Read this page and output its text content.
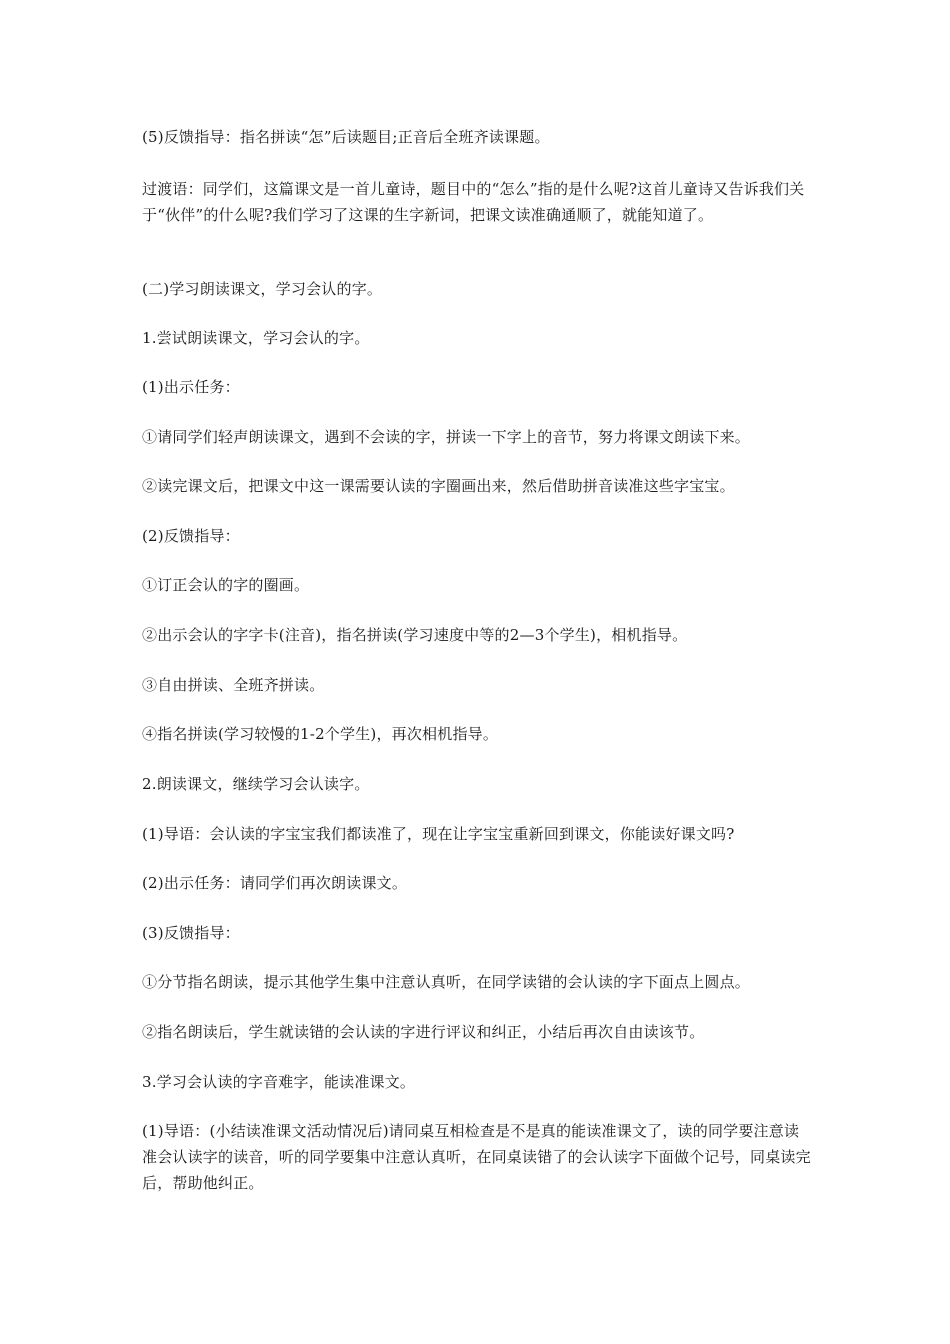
(5)反馈指导：指名拼读“怎”后读题目;正音后全班齐读课题。

过渡语：同学们，这篇课文是一首儿童诗，题目中的“怎么”指的是什么呢?这首儿童诗又告诉我们关于“伙伴”的什么呢?我们学习了这课的生字新词，把课文读准确通顺了，就能知道了。

(二)学习朗读课文，学习会认的字。

1.尝试朗读课文，学习会认的字。

(1)出示任务：

①请同学们轻声朗读课文，遇到不会读的字，拼读一下字上的音节，努力将课文朗读下来。

②读完课文后，把课文中这一课需要认读的字圈画出来，然后借助拼音读准这些字宝宝。

(2)反馈指导：

①订正会认的字的圈画。

②出示会认的字字卡(注音)，指名拼读(学习速度中等的2—3个学生)，相机指导。

③自由拼读、全班齐拼读。

④指名拼读(学习较慢的1-2个学生)，再次相机指导。

2.朗读课文，继续学习会认读字。

(1)导语：会认读的字宝宝我们都读准了，现在让字宝宝重新回到课文，你能读好课文吗?

(2)出示任务：请同学们再次朗读课文。

(3)反馈指导：

①分节指名朗读，提示其他学生集中注意认真听，在同学读错的会认读的字下面点上圆点。

②指名朗读后，学生就读错的会认读的字进行评议和纠正，小结后再次自由读该节。

3.学习会认读的字音难字，能读准课文。

(1)导语：(小结读准课文活动情况后)请同桌互相检查是不是真的能读准课文了，读的同学要注意读准会认读字的读音，听的同学要集中注意认真听，在同桌读错了的会认读字下面做个记号，同桌读完后，帮助他纠正。
